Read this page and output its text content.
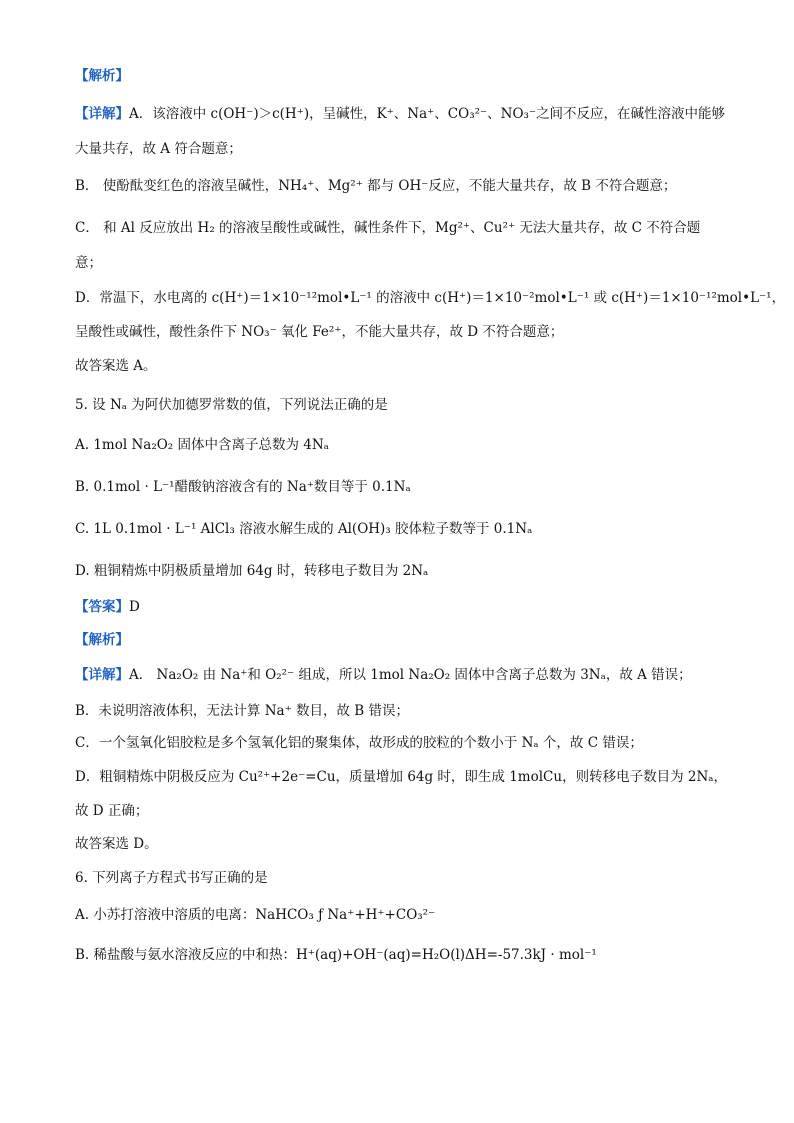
【解析】
【详解】A．该溶液中 c(OH⁻)＞c(H⁺)，呈碱性，K⁺、Na⁺、CO₃²⁻、NO₃⁻之间不反应，在碱性溶液中能够
大量共存，故 A 符合题意；
B． 使酚酞变红色的溶液呈碱性，NH₄⁺、Mg²⁺ 都与 OH⁻反应，不能大量共存，故 B 不符合题意；
C． 和 Al 反应放出 H₂ 的溶液呈酸性或碱性，碱性条件下，Mg²⁺、Cu²⁺ 无法大量共存，故 C 不符合题
意；
D．常温下，水电离的 c(H⁺)＝1×10⁻¹²mol•L⁻¹ 的溶液中 c(H⁺)＝1×10⁻²mol•L⁻¹ 或 c(H⁺)＝1×10⁻¹²mol•L⁻¹，
呈酸性或碱性，酸性条件下 NO₃⁻ 氧化 Fe²⁺，不能大量共存，故 D 不符合题意；
故答案选 A。
5. 设 Nₐ 为阿伏加德罗常数的值，下列说法正确的是
A. 1mol Na₂O₂ 固体中含离子总数为 4Nₐ
B. 0.1mol · L⁻¹醋酸钠溶液含有的 Na⁺数目等于 0.1Nₐ
C. 1L 0.1mol · L⁻¹ AlCl₃ 溶液水解生成的 Al(OH)₃ 胶体粒子数等于 0.1Nₐ
D. 粗铜精炼中阴极质量增加 64g 时，转移电子数目为 2Nₐ
【答案】D
【解析】
【详解】A． Na₂O₂ 由 Na⁺和 O₂²⁻ 组成，所以 1mol Na₂O₂ 固体中含离子总数为 3Nₐ，故 A 错误；
B．未说明溶液体积，无法计算 Na⁺ 数目，故 B 错误；
C．一个氢氧化铝胶粒是多个氢氧化铝的聚集体，故形成的胶粒的个数小于 Nₐ 个，故 C 错误；
D．粗铜精炼中阴极反应为 Cu²⁺+2e⁻=Cu，质量增加 64g 时，即生成 1molCu，则转移电子数目为 2Nₐ，
故 D 正确；
故答案选 D。
6. 下列离子方程式书写正确的是
A. 小苏打溶液中溶质的电离：NaHCO₃ ƒ Na⁺+H⁺+CO₃²⁻
B. 稀盐酸与氨水溶液反应的中和热：H⁺(aq)+OH⁻(aq)=H₂O(l)ΔH=-57.3kJ · mol⁻¹
